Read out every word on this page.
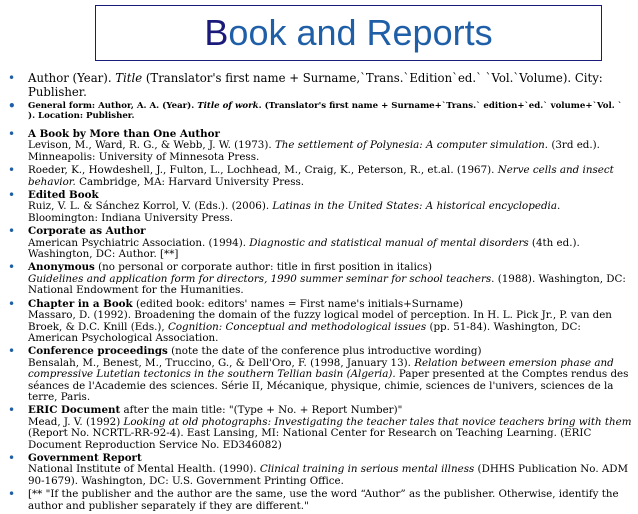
Book and Reports
• Author (Year). Title (Translator's first name + Surname,`Trans.`Edition`ed.` `Vol.`Volume). City: Publisher.
• General form: Author, A. A. (Year). Title of work. (Translator's first name + Surname+`Trans.` edition+`ed.` volume+`Vol. ` ). Location: Publisher.
• A Book by More than One Author
Levison, M., Ward, R. G., & Webb, J. W. (1973). The settlement of Polynesia: A computer simulation. (3rd ed.). Minneapolis: University of Minnesota Press.
• Roeder, K., Howdeshell, J., Fulton, L., Lochhead, M., Craig, K., Peterson, R., et.al. (1967). Nerve cells and insect behavior. Cambridge, MA: Harvard University Press.
• Edited Book
Ruiz, V. L. & Sánchez Korrol, V. (Eds.). (2006). Latinas in the United States: A historical encyclopedia. Bloomington: Indiana University Press.
• Corporate as Author
American Psychiatric Association. (1994). Diagnostic and statistical manual of mental disorders (4th ed.). Washington, DC: Author. [**]
• Anonymous (no personal or corporate author: title in first position in italics)
Guidelines and application form for directors, 1990 summer seminar for school teachers. (1988). Washington, DC: National Endowment for the Humanities.
• Chapter in a Book (edited book: editors' names = First name's initials+Surname)
Massaro, D. (1992). Broadening the domain of the fuzzy logical model of perception. In H. L. Pick Jr., P. van den Broek, & D.C. Knill (Eds.), Cognition: Conceptual and methodological issues (pp. 51-84). Washington, DC: American Psychological Association.
• Conference proceedings (note the date of the conference plus introductive wording)
Bensalah, M., Benest, M., Truccino, G., & Dell'Oro, F. (1998, January 13). Relation between emersion phase and compressive Lutetian tectonics in the southern Tellian basin (Algeria). Paper presented at the Comptes rendus des séances de l'Academie des sciences. Série II, Mécanique, physique, chimie, sciences de l'univers, sciences de la terre, Paris.
• ERIC Document after the main title: "(Type + No. + Report Number)"
Mead, J. V. (1992) Looking at old photographs: Investigating the teacher tales that novice teachers bring with them (Report No. NCRTL-RR-92-4). East Lansing, MI: National Center for Research on Teaching Learning. (ERIC Document Reproduction Service No. ED346082)
• Government Report
National Institute of Mental Health. (1990). Clinical training in serious mental illness (DHHS Publication No. ADM 90-1679). Washington, DC: U.S. Government Printing Office.
• [** "If the publisher and the author are the same, use the word “Author” as the publisher. Otherwise, identify the author and publisher separately if they are different."
